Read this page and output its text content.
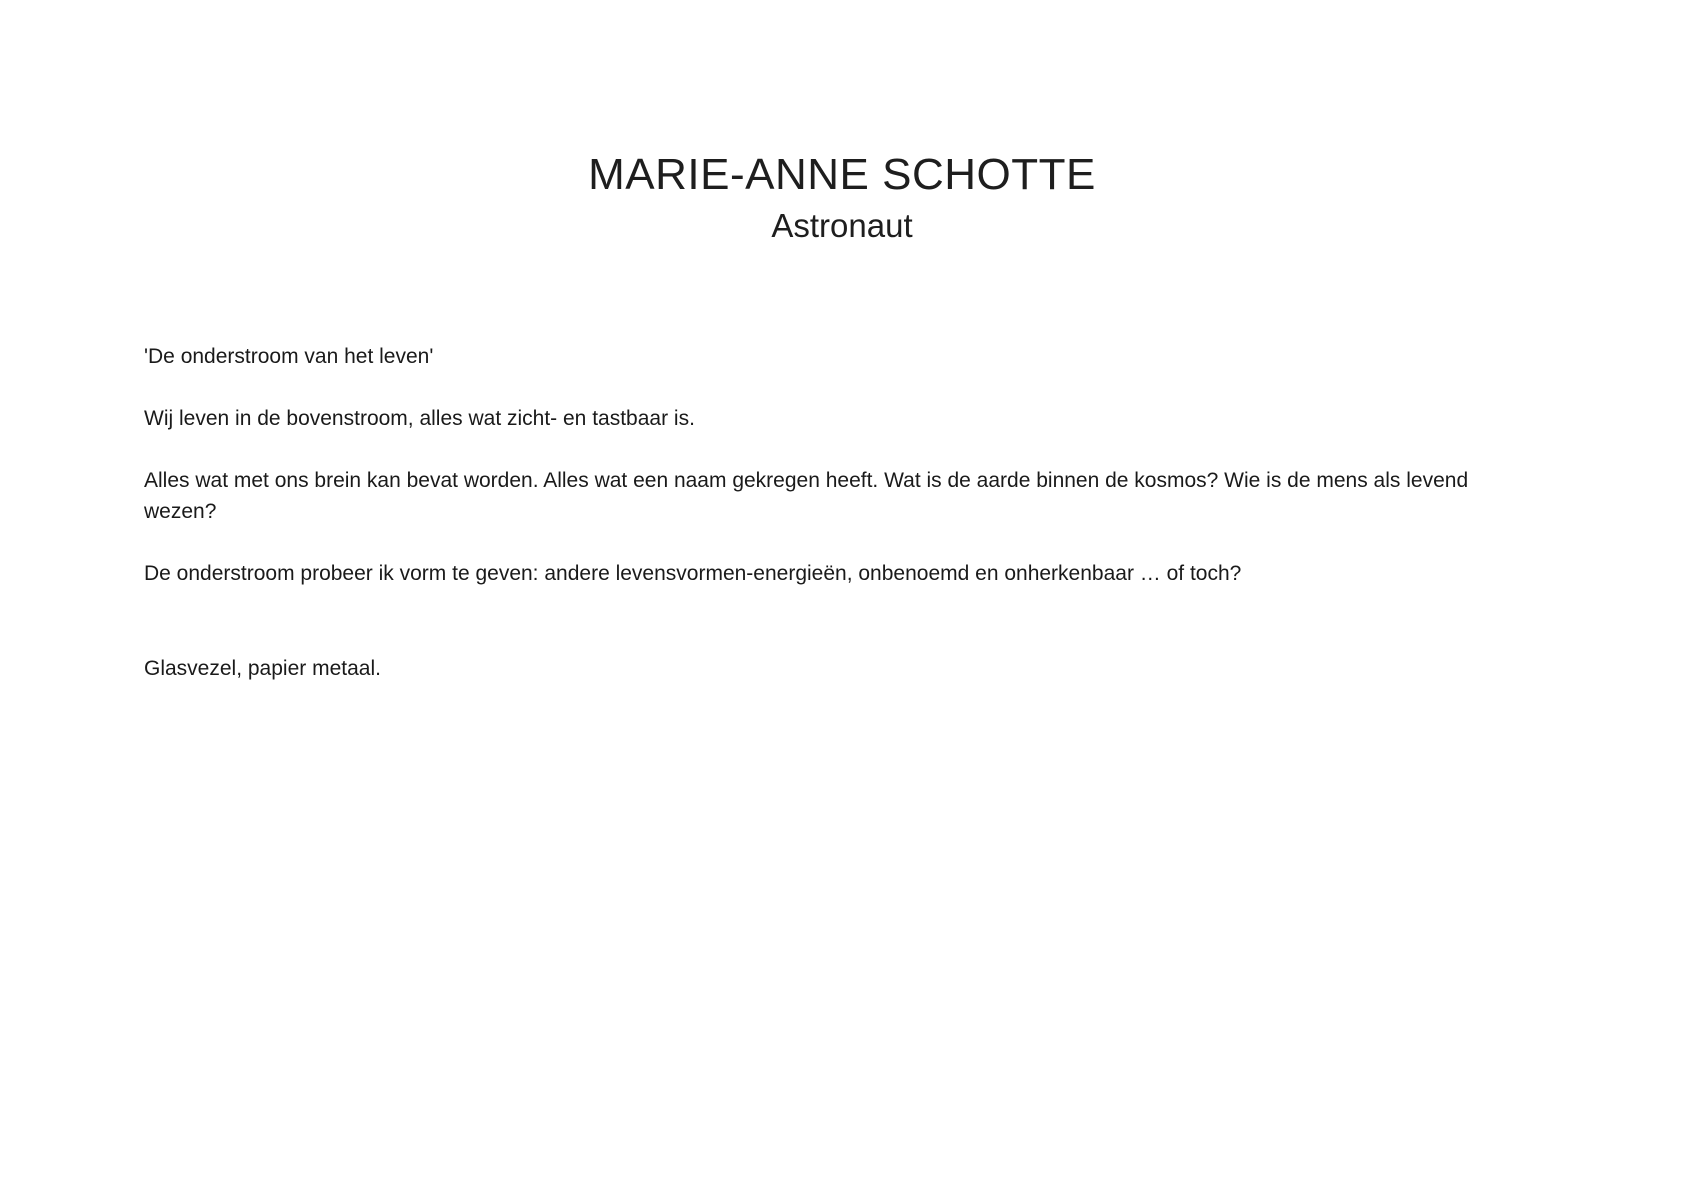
MARIE-ANNE SCHOTTE
Astronaut

'De onderstroom van het leven'

Wij leven in de bovenstroom, alles wat zicht- en tastbaar is.

Alles wat met ons brein kan bevat worden. Alles wat een naam gekregen heeft. Wat is de aarde binnen de kosmos? Wie is de mens als levend wezen?

De onderstroom probeer ik vorm te geven: andere levensvormen-energieën, onbenoemd en onherkenbaar … of toch?

Glasvezel, papier metaal.
